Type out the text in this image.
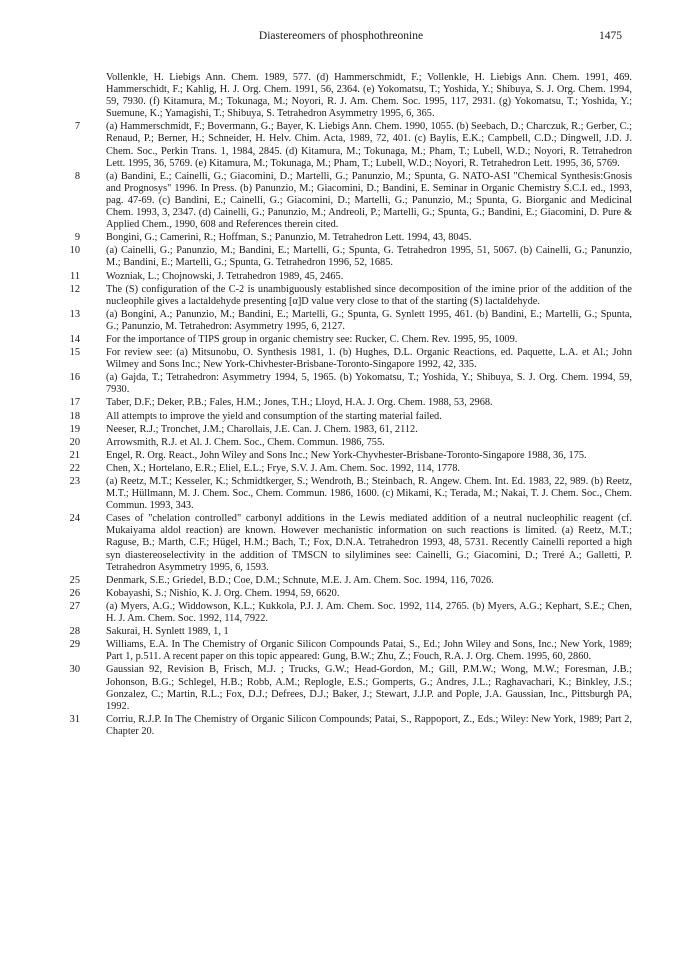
Diastereomers of phosphothreonine	1475
Vollenkle, H. Liebigs Ann. Chem. 1989, 577. (d) Hammerschmidt, F.; Vollenkle, H. Liebigs Ann. Chem. 1991, 469. Hammerschidt, F.; Kahlig, H. J. Org. Chem. 1991, 56, 2364. (e) Yokomatsu, T.; Yoshida, Y.; Shibuya, S. J. Org. Chem. 1994, 59, 7930. (f) Kitamura, M.; Tokunaga, M.; Noyori, R. J. Am. Chem. Soc. 1995, 117, 2931. (g) Yokomatsu, T.; Yoshida, Y.; Suemune, K.; Yamagishi, T.; Shibuya, S. Tetrahedron Asymmetry 1995, 6, 365.
7	(a) Hammerschmidt, F.; Bovermann, G.; Bayer, K. Liebigs Ann. Chem. 1990, 1055. (b) Seebach, D.; Charczuk, R.; Gerber, C.; Renaud, P.; Berner, H.; Schneider, H. Helv. Chim. Acta, 1989, 72, 401. (c) Baylis, E.K.; Campbell, C.D.; Dingwell, J.D. J. Chem. Soc., Perkin Trans. 1, 1984, 2845. (d) Kitamura, M.; Tokunaga, M.; Pham, T.; Lubell, W.D.; Noyori, R. Tetrahedron Lett. 1995, 36, 5769. (e) Kitamura, M.; Tokunaga, M.; Pham, T.; Lubell, W.D.; Noyori, R. Tetrahedron Lett. 1995, 36, 5769.
8	(a) Bandini, E.; Cainelli, G.; Giacomini, D.; Martelli, G.; Panunzio, M.; Spunta, G. NATO-ASI "Chemical Synthesis:Gnosis and Prognosys" 1996. In Press. (b) Panunzio, M.; Giacomini, D.; Bandini, E. Seminar in Organic Chemistry S.C.I. ed., 1993, pag. 47-69. (c) Bandini, E.; Cainelli, G.; Giacomini, D.; Martelli, G.; Panunzio, M.; Spunta, G. Biorganic and Medicinal Chem. 1993, 3, 2347. (d) Cainelli, G.; Panunzio, M.; Andreoli, P.; Martelli, G.; Spunta, G.; Bandini, E.; Giacomini, D. Pure & Applied Chem., 1990, 608 and References therein cited.
9	Bongini, G.; Camerini, R.; Hoffman, S.; Panunzio, M. Tetrahedron Lett. 1994, 43, 8045.
10	(a) Cainelli, G.; Panunzio, M.; Bandini, E.; Martelli, G.; Spunta, G. Tetrahedron 1995, 51, 5067. (b) Cainelli, G.; Panunzio, M.; Bandini, E.; Martelli, G.; Spunta, G. Tetrahedron 1996, 52, 1685.
11	Wozniak, L.; Chojnowski, J. Tetrahedron 1989, 45, 2465.
12	The (S) configuration of the C-2 is unambiguously established since decomposition of the imine prior of the addition of the nucleophile gives a lactaldehyde presenting [α]D value very close to that of the starting (S) lactaldehyde.
13	(a) Bongini, A.; Panunzio, M.; Bandini, E.; Martelli, G.; Spunta, G. Synlett 1995, 461. (b) Bandini, E.; Martelli, G.; Spunta, G.; Panunzio, M. Tetrahedron: Asymmetry 1995, 6, 2127.
14	For the importance of TIPS group in organic chemistry see: Rucker, C. Chem. Rev. 1995, 95, 1009.
15	For review see: (a) Mitsunobu, O. Synthesis 1981, 1. (b) Hughes, D.L. Organic Reactions, ed. Paquette, L.A. et Al.; John Wilmey and Sons Inc.; New York-Chivhester-Brisbane-Toronto-Singapore 1992, 42, 335.
16	(a) Gajda, T.; Tetrahedron: Asymmetry 1994, 5, 1965. (b) Yokomatsu, T.; Yoshida, Y.; Shibuya, S. J. Org. Chem. 1994, 59, 7930.
17	Taber, D.F.; Deker, P.B.; Fales, H.M.; Jones, T.H.; Lloyd, H.A. J. Org. Chem. 1988, 53, 2968.
18	All attempts to improve the yield and consumption of the starting material failed.
19	Neeser, R.J.; Tronchet, J.M.; Charollais, J.E. Can. J. Chem. 1983, 61, 2112.
20	Arrowsmith, R.J. et Al. J. Chem. Soc., Chem. Commun. 1986, 755.
21	Engel, R. Org. React., John Wiley and Sons Inc.; New York-Chyvhester-Brisbane-Toronto-Singapore 1988, 36, 175.
22	Chen, X.; Hortelano, E.R.; Eliel, E.L.; Frye, S.V. J. Am. Chem. Soc. 1992, 114, 1778.
23	(a) Reetz, M.T.; Kesseler, K.; Schmidtkerger, S.; Wendroth, B.; Steinbach, R. Angew. Chem. Int. Ed. 1983, 22, 989. (b) Reetz, M.T.; Hüllmann, M. J. Chem. Soc., Chem. Commun. 1986, 1600. (c) Mikami, K.; Terada, M.; Nakai, T. J. Chem. Soc., Chem. Commun. 1993, 343.
24	Cases of "chelation controlled" carbonyl additions in the Lewis mediated addition of a neutral nucleophilic reagent (cf. Mukaiyama aldol reaction) are known. However mechanistic information on such reactions is limited. (a) Reetz, M.T.; Raguse, B.; Marth, C.F.; Hügel, H.M.; Bach, T.; Fox, D.N.A. Tetrahedron 1993, 48, 5731. Recently Cainelli reported a high syn diastereoselectivity in the addition of TMSCN to silylimines see: Cainelli, G.; Giacomini, D.; Treré A.; Galletti, P. Tetrahedron Asymmetry 1995, 6, 1593.
25	Denmark, S.E.; Griedel, B.D.; Coe, D.M.; Schnute, M.E. J. Am. Chem. Soc. 1994, 116, 7026.
26	Kobayashi, S.; Nishio, K. J. Org. Chem. 1994, 59, 6620.
27	(a) Myers, A.G.; Widdowson, K.L.; Kukkola, P.J. J. Am. Chem. Soc. 1992, 114, 2765. (b) Myers, A.G.; Kephart, S.E.; Chen, H. J. Am. Chem. Soc. 1992, 114, 7922.
28	Sakurai, H. Synlett 1989, 1, 1
29	Williams, E.A. In The Chemistry of Organic Silicon Compounds Patai, S., Ed.; John Wiley and Sons, Inc.; New York, 1989; Part 1, p.511. A recent paper on this topic appeared: Gung, B.W.; Zhu, Z.; Fouch, R.A. J. Org. Chem. 1995, 60, 2860.
30	Gaussian 92, Revision B, Frisch, M.J. ; Trucks, G.W.; Head-Gordon, M.; Gill, P.M.W.; Wong, M.W.; Foresman, J.B.; Johonson, B.G.; Schlegel, H.B.; Robb, A.M.; Replogle, E.S.; Gomperts, G.; Andres, J.L.; Raghavachari, K.; Binkley, J.S.; Gonzalez, C.; Martin, R.L.; Fox, D.J.; Defrees, D.J.; Baker, J.; Stewart, J.J.P. and Pople, J.A. Gaussian, Inc., Pittsburgh PA, 1992.
31	Corriu, R.J.P. In The Chemistry of Organic Silicon Compounds; Patai, S., Rappoport, Z., Eds.; Wiley: New York, 1989; Part 2, Chapter 20.
